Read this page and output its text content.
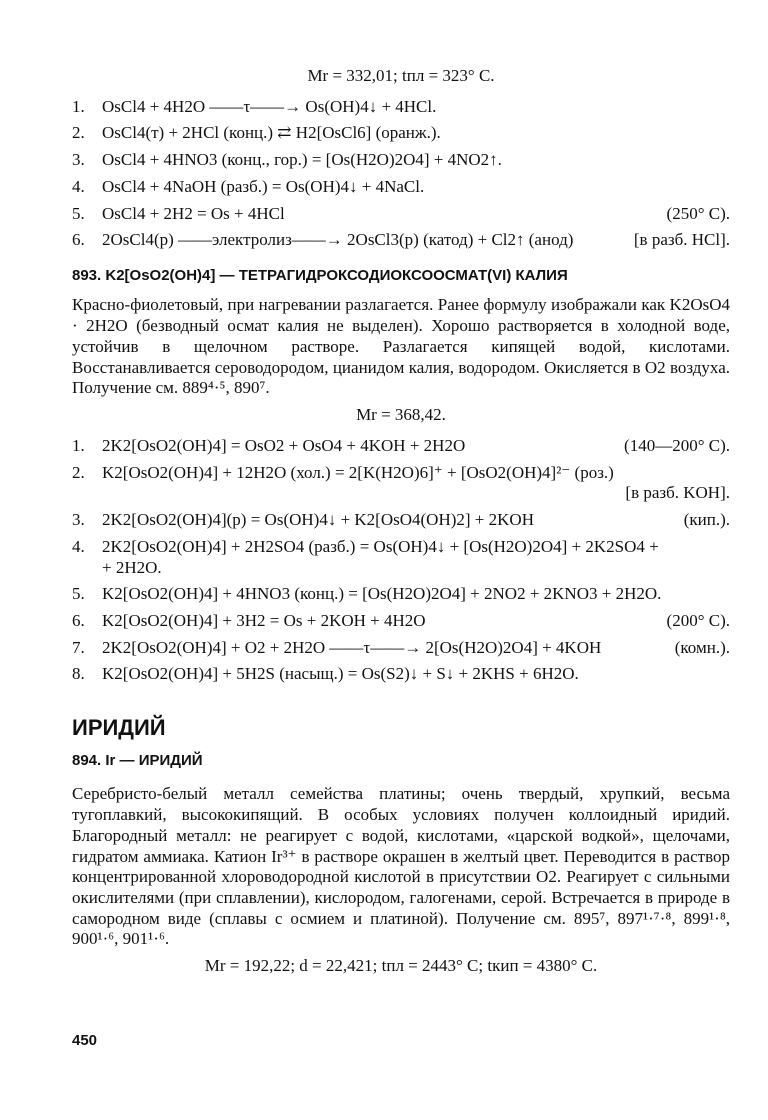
Mr = 332,01; tпл = 323° C.
1.	OsCl4 + 4H2O ——τ——→ Os(OH)4↓ + 4HCl.
2.	OsCl4(т) + 2HCl (конц.) ⇄ H2[OsCl6] (оранж.).
3.	OsCl4 + 4HNO3 (конц., гор.) = [Os(H2O)2O4] + 4NO2↑.
4.	OsCl4 + 4NaOH (разб.) = Os(OH)4↓ + 4NaCl.
5.	OsCl4 + 2H2 = Os + 4HCl	(250° C).
6.	2OsCl4(р) ——электролиз——→ 2OsCl3(р) (катод) + Cl2↑ (анод)	[в разб. HCl].
893. K2[OsO2(OH)4] — ТЕТРАГИДРОКСОДИОКСООСМАТ(VI) КАЛИЯ

Красно-фиолетовый, при нагревании разлагается. Ранее формулу изображали как K2OsO4 · 2H2O (безводный осмат калия не выделен). Хорошо растворяется в холодной воде, устойчив в щелочном растворе. Разлагается кипящей водой, кислотами. Восстанавливается сероводородом, цианидом калия, водородом. Окисляется в O2 воздуха. Получение см. 889⁴·⁵, 890⁷.

Mr = 368,42.
1.	2K2[OsO2(OH)4] = OsO2 + OsO4 + 4KOH + 2H2O	(140—200° C).
2.	K2[OsO2(OH)4] + 12H2O (хол.) = 2[K(H2O)6]⁺ + [OsO2(OH)4]²⁻ (роз.)
[в разб. KOH].
3.	2K2[OsO2(OH)4](р) = Os(OH)4↓ + K2[OsO4(OH)2] + 2KOH	(кип.).
4.	2K2[OsO2(OH)4] + 2H2SO4 (разб.) = Os(OH)4↓ + [Os(H2O)2O4] + 2K2SO4 +
+ 2H2O.
5.	K2[OsO2(OH)4] + 4HNO3 (конц.) = [Os(H2O)2O4] + 2NO2 + 2KNO3 + 2H2O.
6.	K2[OsO2(OH)4] + 3H2 = Os + 2KOH + 4H2O	(200° C).
7.	2K2[OsO2(OH)4] + O2 + 2H2O ——τ——→ 2[Os(H2O)2O4] + 4KOH	(комн.).
8.	K2[OsO2(OH)4] + 5H2S (насыщ.) = Os(S2)↓ + S↓ + 2KHS + 6H2O.
ИРИДИЙ
894. Ir — ИРИДИЙ

Серебристо-белый металл семейства платины; очень твердый, хрупкий, весьма тугоплавкий, высококипящий. В особых условиях получен коллоидный иридий. Благородный металл: не реагирует с водой, кислотами, «царской водкой», щелочами, гидратом аммиака. Катион Ir³⁺ в растворе окрашен в желтый цвет. Переводится в раствор концентрированной хлороводородной кислотой в присутствии O2. Реагирует с сильными окислителями (при сплавлении), кислородом, галогенами, серой. Встречается в природе в самородном виде (сплавы с осмием и платиной). Получение см. 895⁷, 897¹·⁷·⁸, 899¹·⁸, 900¹·⁶, 901¹·⁶.

Mr = 192,22; d = 22,421; tпл = 2443° C; tкип = 4380° C.
450
